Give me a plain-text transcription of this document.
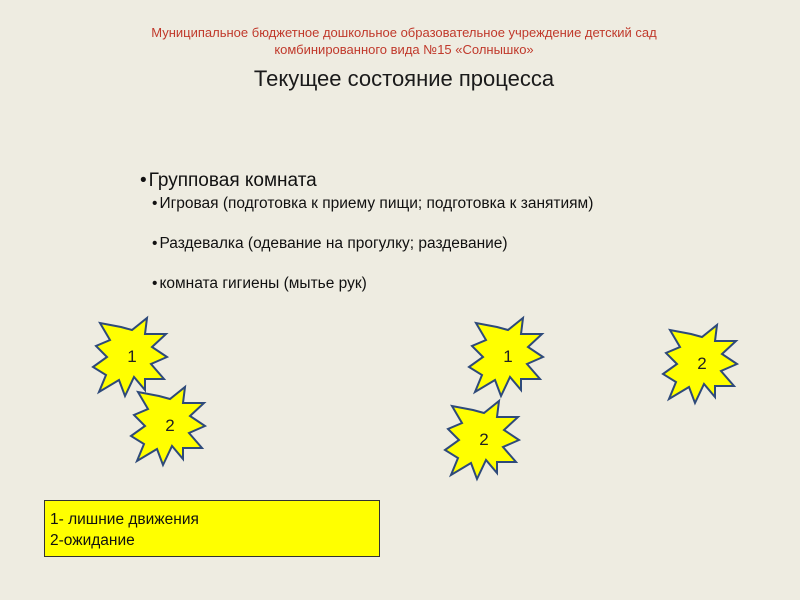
Муниципальное бюджетное дошкольное образовательное учреждение детский сад
комбинированного вида №15 «Солнышко»
Текущее состояние процесса
• Групповая комната
• Игровая (подготовка к приему пищи; подготовка к занятиям)
• Раздевалка (одевание на прогулку; раздевание)
• комната гигиены (мытье рук)
1
2
1
2
2
1- лишние движения
2-ожидание
